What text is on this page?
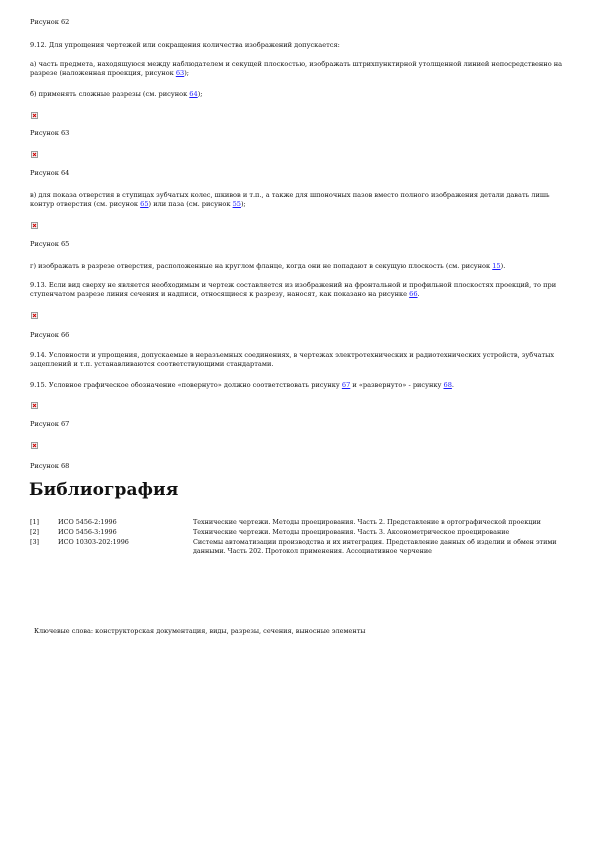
Рисунок 62
9.12. Для упрощения чертежей или сокращения количества изображений допускается:
а) часть предмета, находящуюся между наблюдателем и секущей плоскостью, изображать штрихпунктирной утолщенной линией непосредственно на разрезе (наложенная проекция, рисунок 63);
б) применять сложные разрезы (см. рисунок 64);
Рисунок 63
Рисунок 64
в) для показа отверстия в ступицах зубчатых колес, шкивов и т.п., а также для шпоночных пазов вместо полного изображения детали давать лишь контур отверстия (см. рисунок 65) или паза (см. рисунок 55);
Рисунок 65
г) изображать в разрезе отверстия, расположенные на круглом фланце, когда они не попадают в секущую плоскость (см. рисунок 15).
9.13. Если вид сверху не является необходимым и чертеж составляется из изображений на фронтальной и профильной плоскостях проекций, то при ступенчатом разрезе линия сечения и надписи, относящиеся к разрезу, наносят, как показано на рисунке 66.
Рисунок 66
9.14. Условности и упрощения, допускаемые в неразъемных соединениях, в чертежах электротехнических и радиотехнических устройств, зубчатых зацеплений и т.п. устанавливаются соответствующими стандартами.
9.15. Условное графическое обозначение «повернуто» должно соответствовать рисунку 67 и «развернуто» - рисунку 68.
Рисунок 67
Рисунок 68
Библиография
[1]	ИСО 5456-2:1996	Технические чертежи. Методы проецирования. Часть 2. Представление в ортографической проекции
[2]	ИСО 5456-3:1996	Технические чертежи. Методы проецирования. Часть 3. Аксонометрическое проецирование
[3]	ИСО 10303-202:1996	Системы автоматизации производства и их интеграция. Представление данных об изделии и обмен этими данными. Часть 202. Протокол применения. Ассоциативное черчение
Ключевые слова: конструкторская документация, виды, разрезы, сечения, выносные элементы
